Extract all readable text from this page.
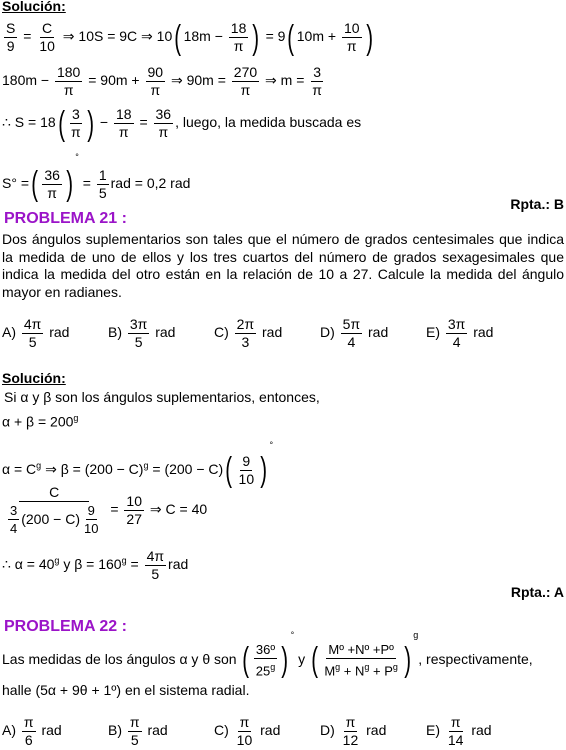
Solución:
$\frac{S}{9} = \frac{C}{10}$ ⇒ 10S = 9C ⇒ 10( $18m - \frac{18}{\pi}$ ) = 9( $10m + \frac{10}{\pi}$ )
$180m - \frac{180}{\pi} = 90m + \frac{90}{\pi}$ ⇒ $90m = \frac{270}{\pi}$ ⇒ $m = \frac{3}{\pi}$
∴ $S = 18( \frac{3}{\pi}$ ) − $\frac{18}{\pi} = \frac{36}{\pi}$ , luego, la medida buscada es
S° =( $\frac{36}{\pi} )^\circ = \frac{1}{5}$ rad = 0,2 rad
Rpta.: B
PROBLEMA 21 :
Dos ángulos suplementarios son tales que el número de grados centesimales que indica la medida de uno de ellos y los tres cuartos del número de grados sexagesimales que indica la medida del otro están en la relación de 10 a 27. Calcule la medida del ángulo mayor en radianes.
$A) \frac{4\pi}{5}$ rad	$B) \frac{3\pi}{5}$ rad	$C) \frac{2\pi}{3}$ rad	$D) \frac{5\pi}{4}$ rad	$E) \frac{3\pi}{4}$ rad
Solución:
Si α y β son los ángulos suplementarios, entonces,
$\alpha + \beta = 200^g$
$\alpha = C^g$ ⇒ $\beta = (200 - C)^g = (200 - C)( \frac{9}{10} )^\circ$
C
3
4
(200 − C)
9
$10 = \frac{10}{27}$ ⇒ C = 40
∴ $\alpha = 40^g$ y $\beta = 160^g = \frac{4\pi}{5}$ rad
Rpta.: A
PROBLEMA 22 :
Las medidas de los ángulos α y θ son ( $\frac{\text{36º}}{25^g} )^\circ$ y ( $\frac{\text{Mº +Nº +Pº}}{M^g + N^g + P^g} )^g$, respectivamente,
halle (5α + 9θ + 1º) en el sistema radial.
$A) \frac{\pi}{6}$ rad	$B) \frac{\pi}{5}$ rad	$C) \frac{\pi}{10}$ rad	$D) \frac{\pi}{12}$ rad	$E) \frac{\pi}{14}$ rad
